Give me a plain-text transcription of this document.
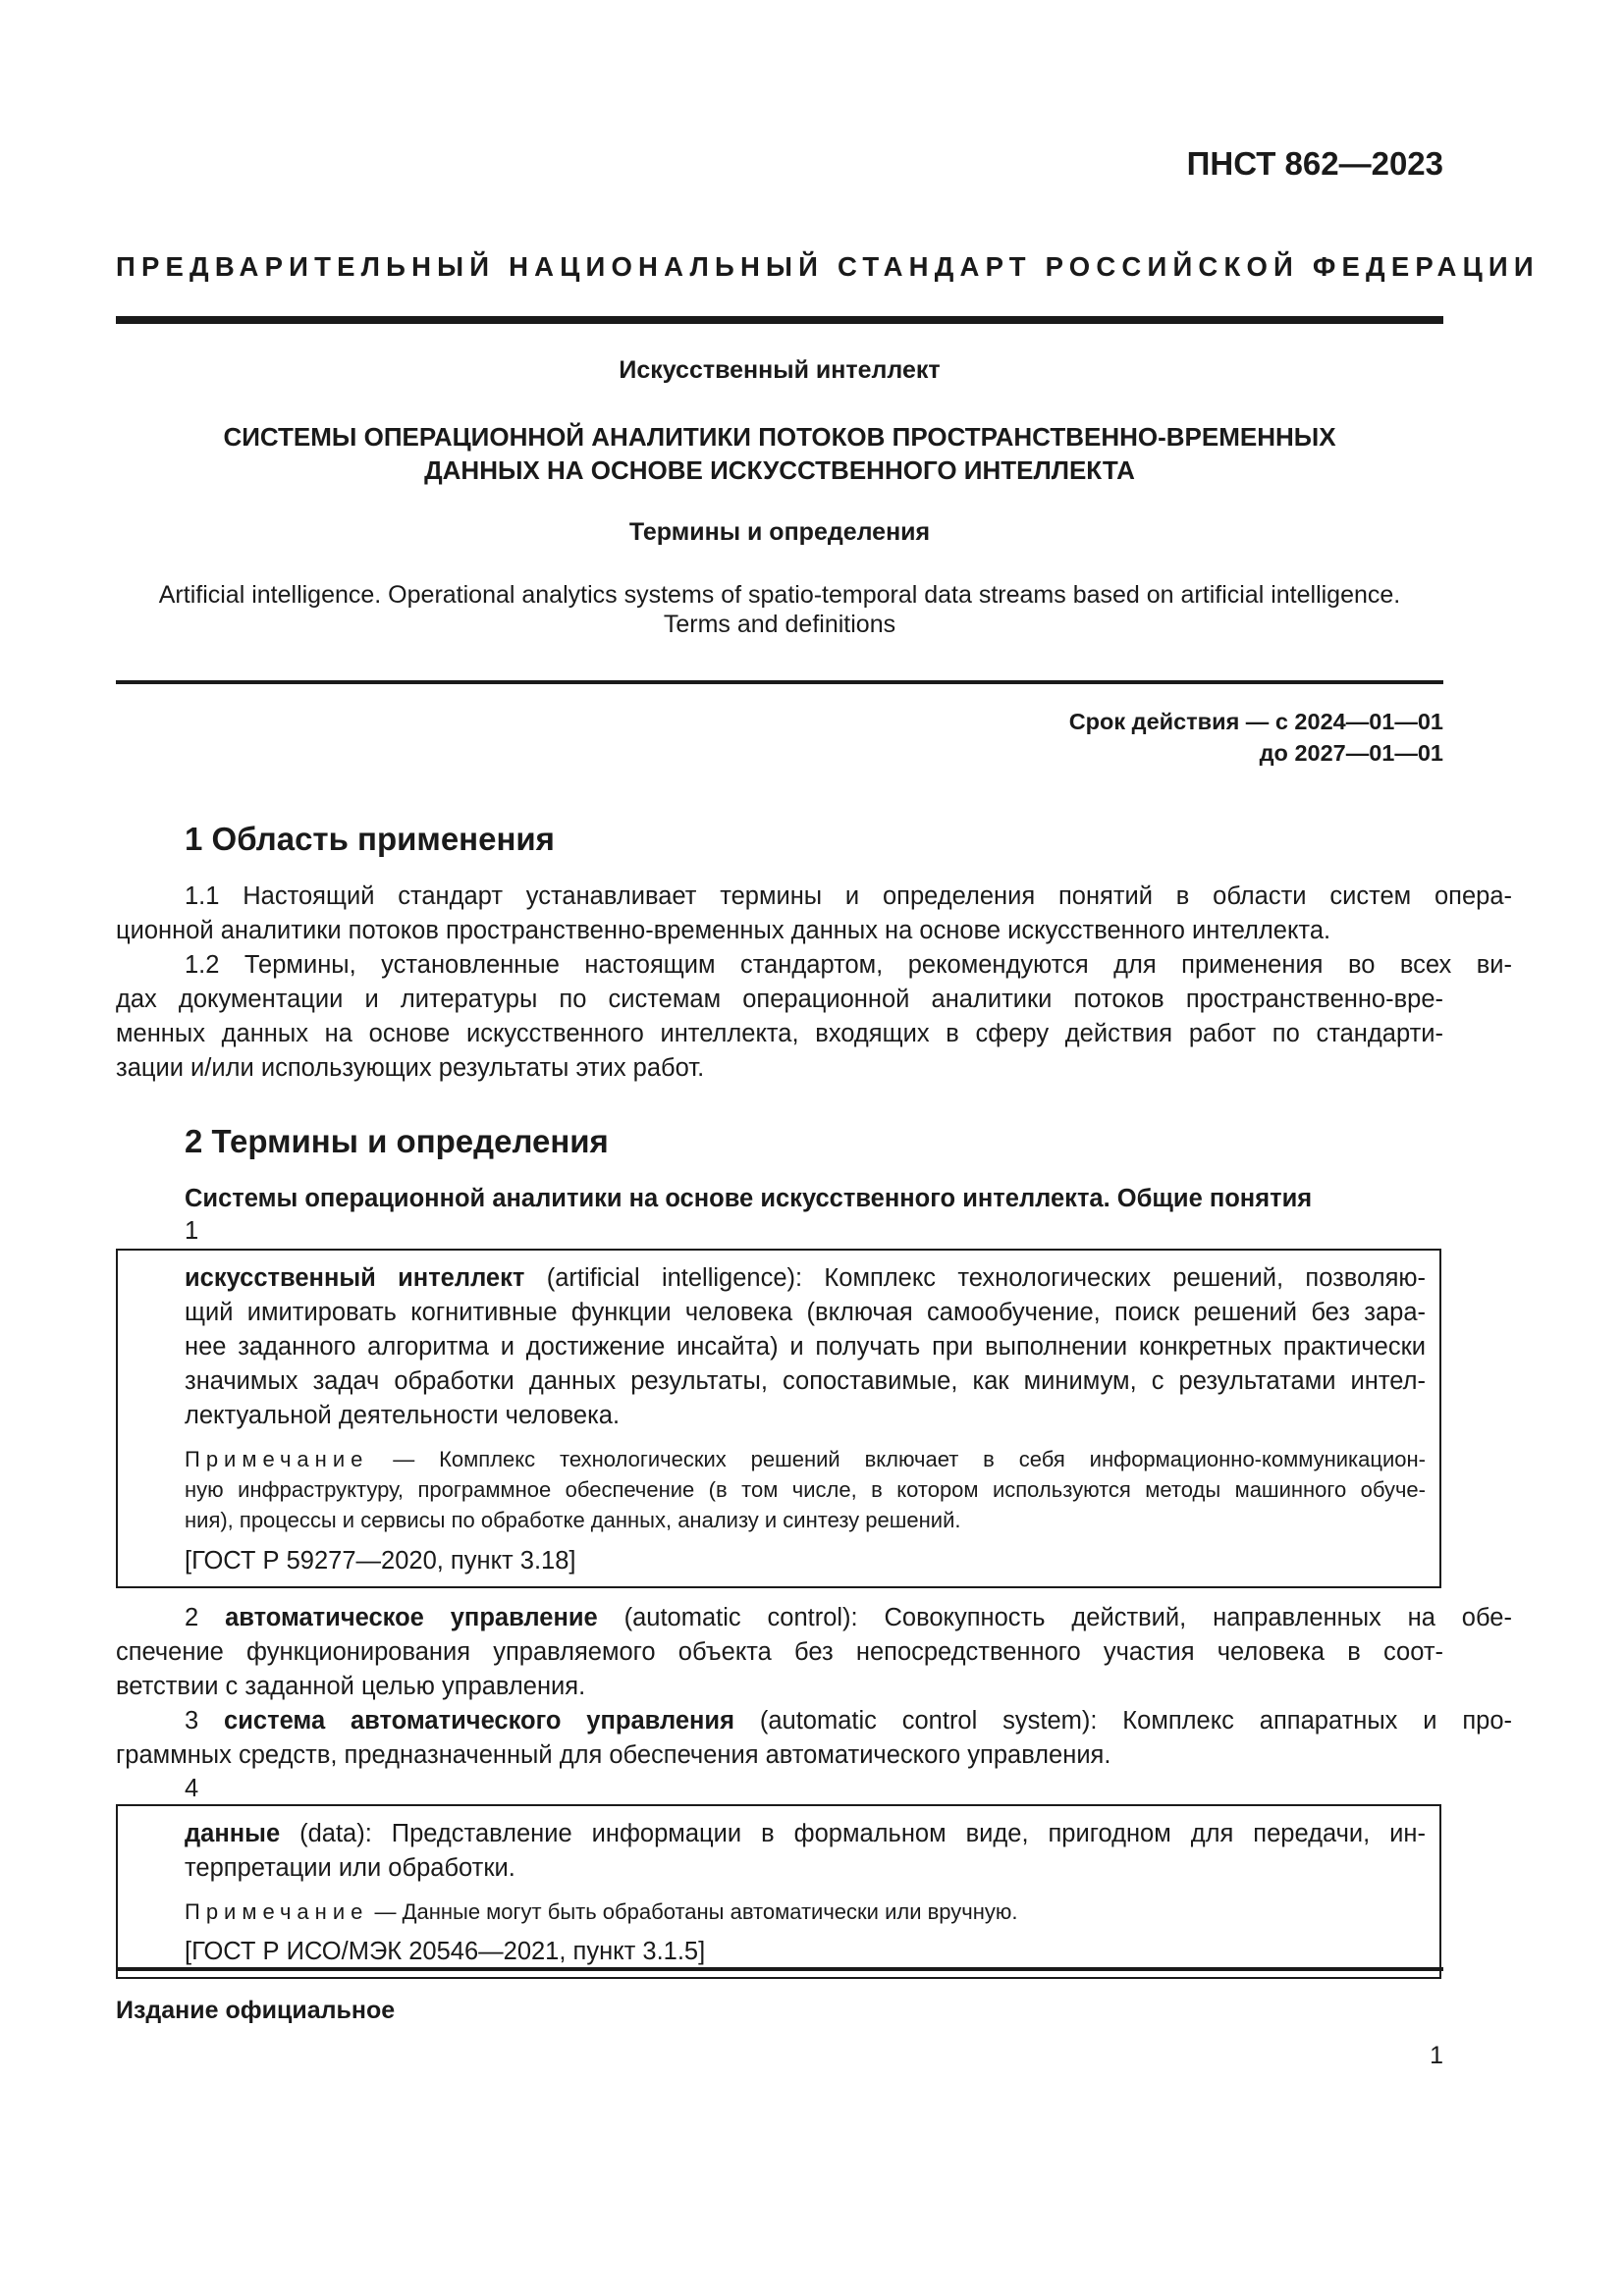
ПНСТ 862—2023
ПРЕДВАРИТЕЛЬНЫЙ НАЦИОНАЛЬНЫЙ СТАНДАРТ РОССИЙСКОЙ ФЕДЕРАЦИИ
Искусственный интеллект
СИСТЕМЫ ОПЕРАЦИОННОЙ АНАЛИТИКИ ПОТОКОВ ПРОСТРАНСТВЕННО-ВРЕМЕННЫХ
ДАННЫХ НА ОСНОВЕ ИСКУССТВЕННОГО ИНТЕЛЛЕКТА
Термины и определения
Artificial intelligence. Operational analytics systems of spatio-temporal data streams based on artificial intelligence.
Terms and definitions
Срок действия — с 2024—01—01
до 2027—01—01
1 Область применения
1.1 Настоящий стандарт устанавливает термины и определения понятий в области систем опера-
ционной аналитики потоков пространственно-временных данных на основе искусственного интеллекта.
1.2 Термины, установленные настоящим стандартом, рекомендуются для применения во всех ви-
дах документации и литературы по системам операционной аналитики потоков пространственно-вре-
менных данных на основе искусственного интеллекта, входящих в сферу действия работ по стандарти-
зации и/или использующих результаты этих работ.
2 Термины и определения
Системы операционной аналитики на основе искусственного интеллекта. Общие понятия
1
искусственный интеллект (artificial intelligence): Комплекс технологических решений, позволяю-
щий имитировать когнитивные функции человека (включая самообучение, поиск решений без зара-
нее заданного алгоритма и достижение инсайта) и получать при выполнении конкретных практически
значимых задач обработки данных результаты, сопоставимые, как минимум, с результатами интел-
лектуальной деятельности человека.
Примечание — Комплекс технологических решений включает в себя информационно-коммуникацион-
ную инфраструктуру, программное обеспечение (в том числе, в котором используются методы машинного обуче-
ния), процессы и сервисы по обработке данных, анализу и синтезу решений.
[ГОСТ Р 59277—2020, пункт 3.18]
2 автоматическое управление (automatic control): Совокупность действий, направленных на обе-
спечение функционирования управляемого объекта без непосредственного участия человека в соот-
ветствии с заданной целью управления.
3 система автоматического управления (automatic control system): Комплекс аппаратных и про-
граммных средств, предназначенный для обеспечения автоматического управления.
4
данные (data): Представление информации в формальном виде, пригодном для передачи, ин-
терпретации или обработки.
Примечание — Данные могут быть обработаны автоматически или вручную.
[ГОСТ Р ИСО/МЭК 20546—2021, пункт 3.1.5]
Издание официальное
1
